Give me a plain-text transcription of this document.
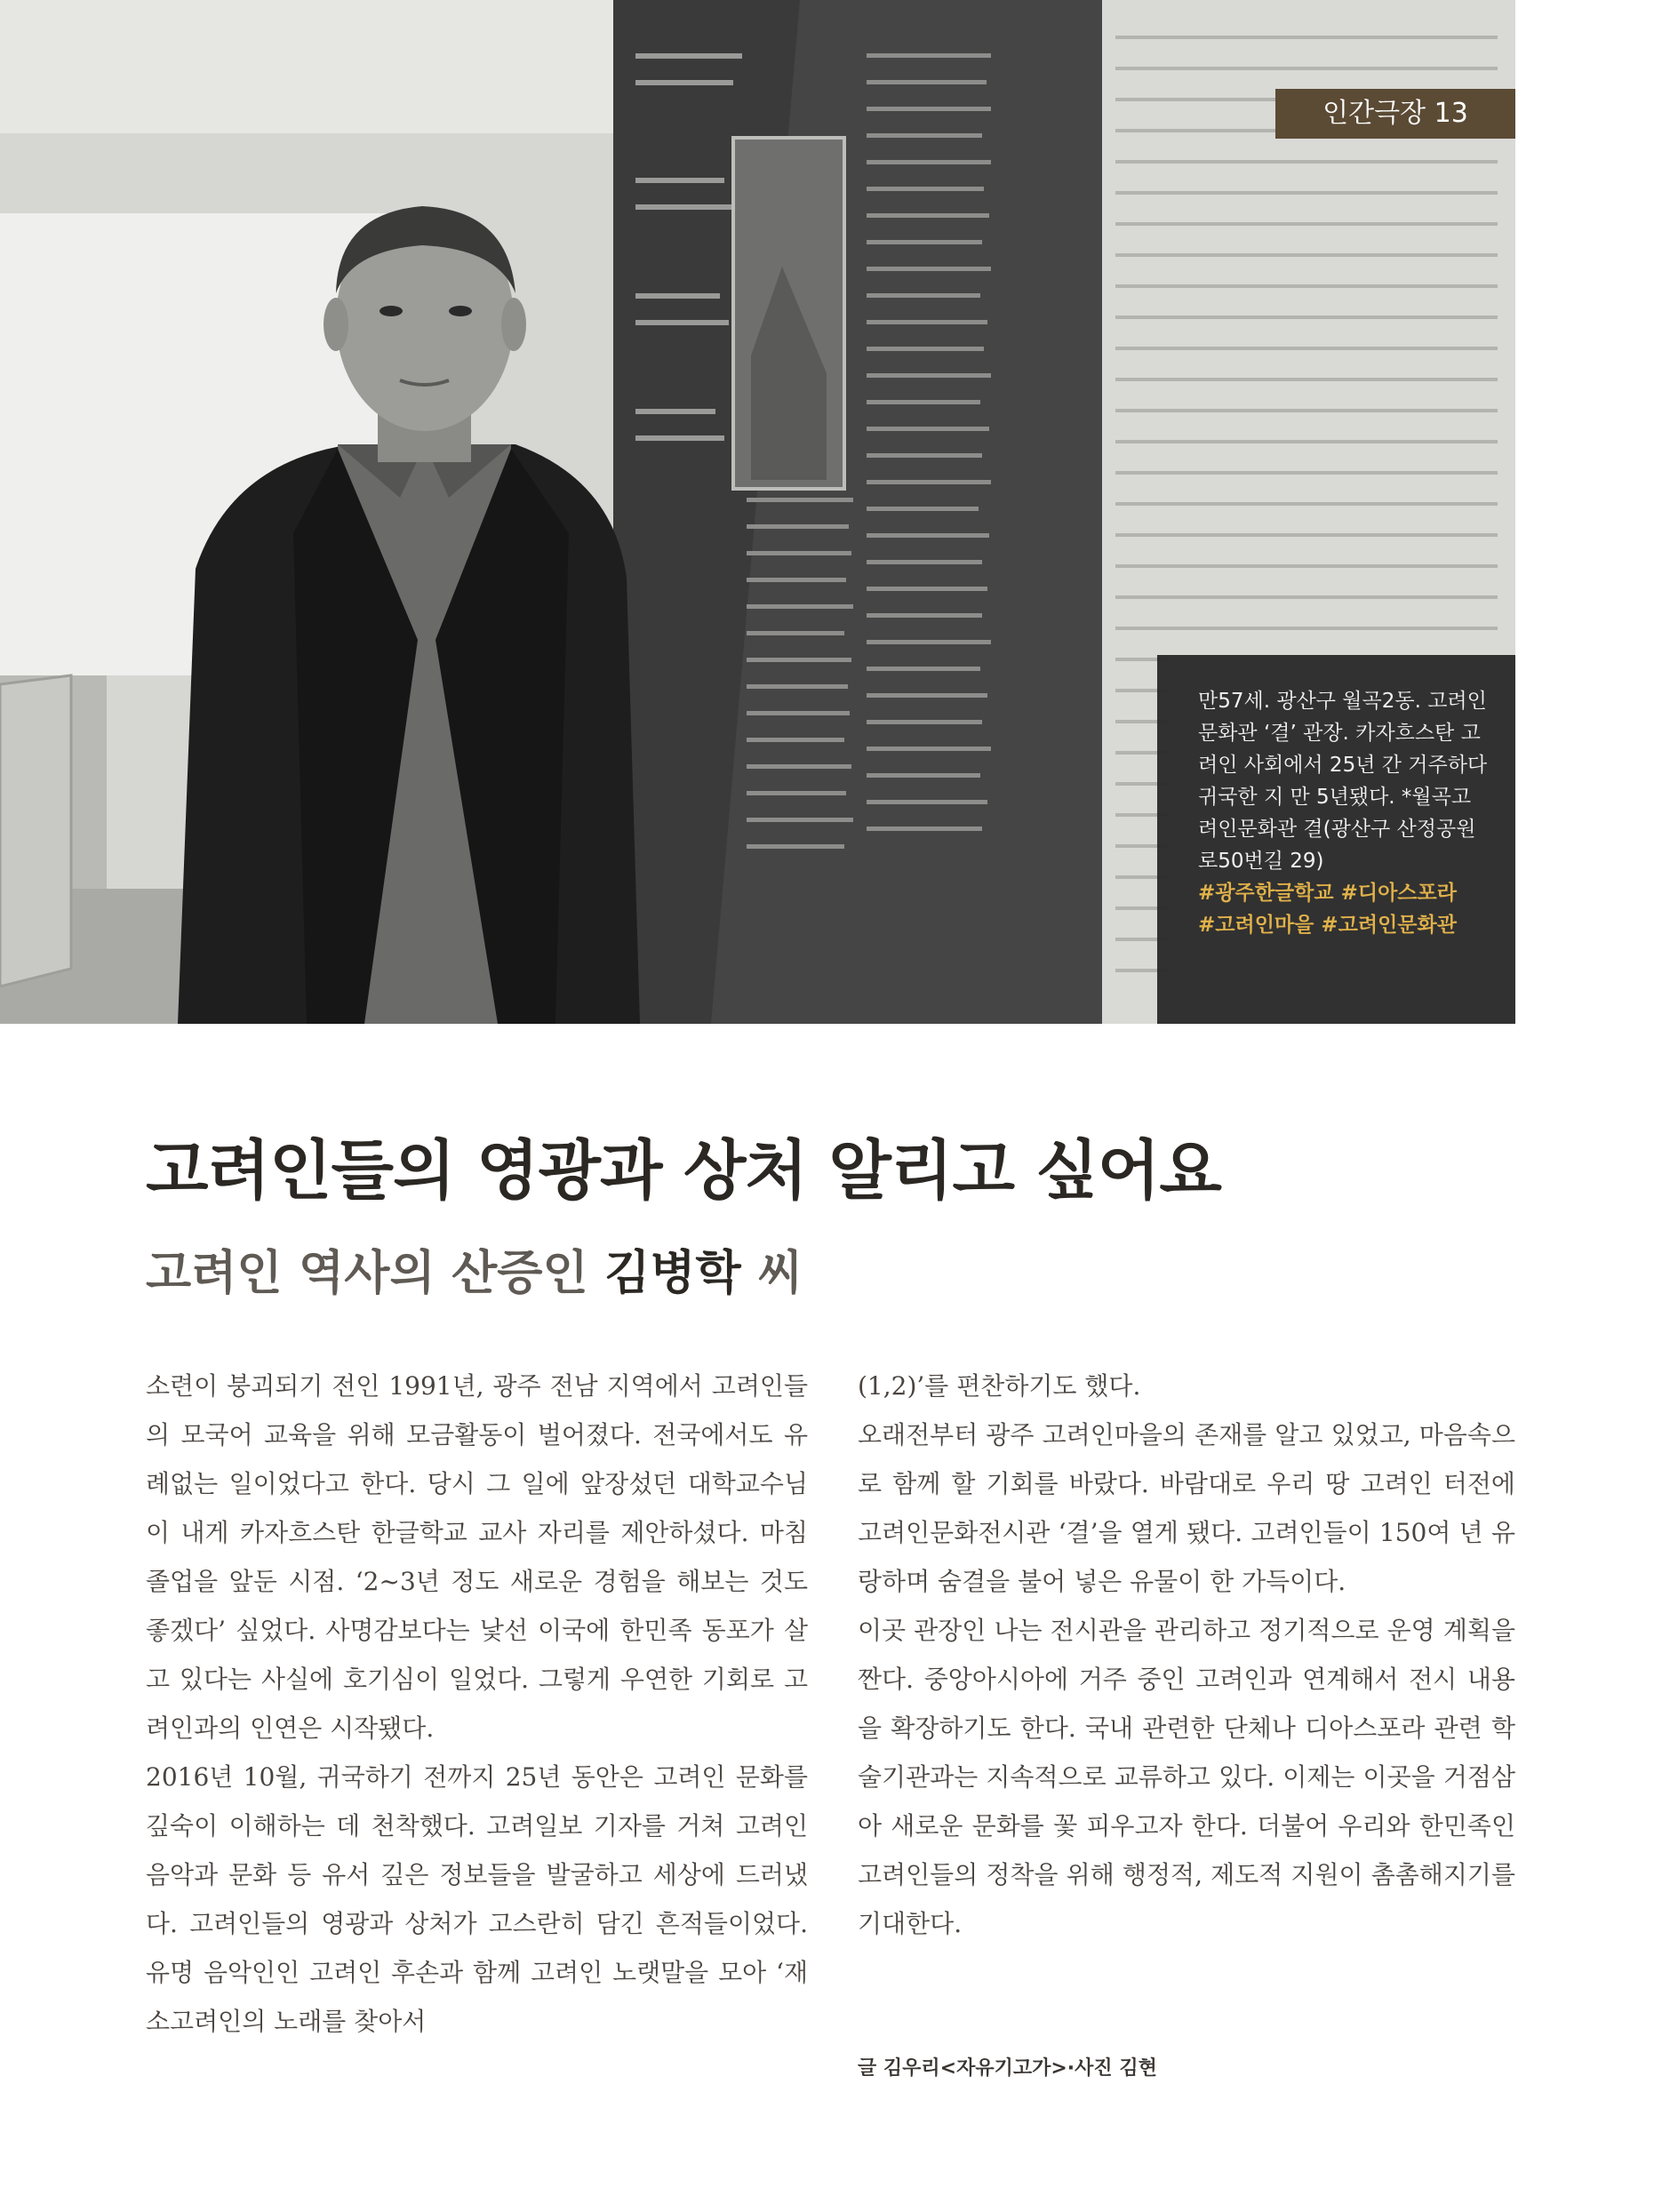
인간극장 13

만57세. 광산구 월곡2동. 고려인문화관 ‘결’ 관장. 카자흐스탄 고려인 사회에서 25년 간 거주하다 귀국한 지 만 5년됐다. *월곡고려인문화관 결(광산구 산정공원로50번길 29)

#광주한글학교 #디아스포라

#고려인마을 #고려인문화관

고려인들의 영광과 상처 알리고 싶어요
고려인 역사의 산증인 김병학 씨

소련이 붕괴되기 전인 1991년, 광주 전남 지역에서 고려인들의 모국어 교육을 위해 모금활동이 벌어졌다. 전국에서도 유례없는 일이었다고 한다. 당시 그 일에 앞장섰던 대학교수님이 내게 카자흐스탄 한글학교 교사 자리를 제안하셨다. 마침 졸업을 앞둔 시점. ‘2~3년 정도 새로운 경험을 해보는 것도 좋겠다’ 싶었다. 사명감보다는 낯선 이국에 한민족 동포가 살고 있다는 사실에 호기심이 일었다. 그렇게 우연한 기회로 고려인과의 인연은 시작됐다.

2016년 10월, 귀국하기 전까지 25년 동안은 고려인 문화를 깊숙이 이해하는 데 천착했다. 고려일보 기자를 거쳐 고려인 음악과 문화 등 유서 깊은 정보들을 발굴하고 세상에 드러냈다. 고려인들의 영광과 상처가 고스란히 담긴 흔적들이었다. 유명 음악인인 고려인 후손과 함께 고려인 노랫말을 모아 ‘재소고려인의 노래를 찾아서

(1,2)’를 편찬하기도 했다.

오래전부터 광주 고려인마을의 존재를 알고 있었고, 마음속으로 함께 할 기회를 바랐다. 바람대로 우리 땅 고려인 터전에 고려인문화전시관 ‘결’을 열게 됐다. 고려인들이 150여 년 유랑하며 숨결을 불어 넣은 유물이 한 가득이다.

이곳 관장인 나는 전시관을 관리하고 정기적으로 운영 계획을 짠다. 중앙아시아에 거주 중인 고려인과 연계해서 전시 내용을 확장하기도 한다. 국내 관련한 단체나 디아스포라 관련 학술기관과는 지속적으로 교류하고 있다. 이제는 이곳을 거점삼아 새로운 문화를 꽃 피우고자 한다. 더불어 우리와 한민족인 고려인들의 정착을 위해 행정적, 제도적 지원이 촘촘해지기를 기대한다.

글 김우리<자유기고가>·사진 김현
